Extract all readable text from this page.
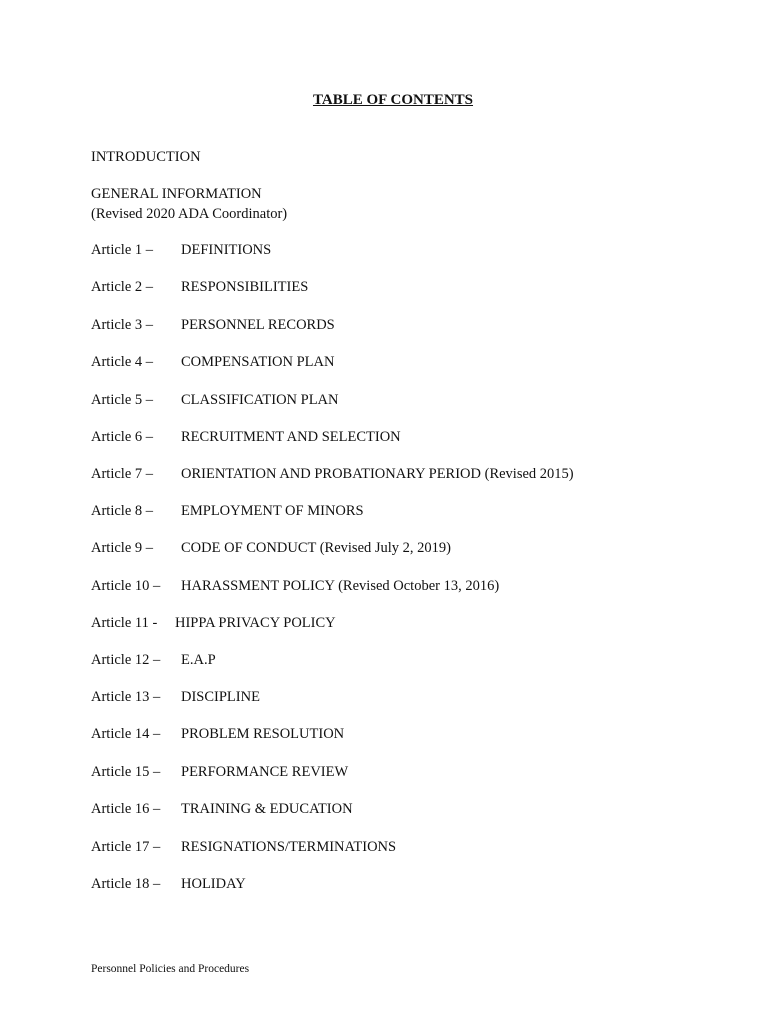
TABLE OF CONTENTS
INTRODUCTION
GENERAL INFORMATION
(Revised 2020 ADA Coordinator)
Article 1 – DEFINITIONS
Article 2 – RESPONSIBILITIES
Article 3 – PERSONNEL RECORDS
Article 4 – COMPENSATION PLAN
Article 5 – CLASSIFICATION PLAN
Article 6 – RECRUITMENT AND SELECTION
Article 7 – ORIENTATION AND PROBATIONARY PERIOD (Revised 2015)
Article 8 – EMPLOYMENT OF MINORS
Article 9 – CODE OF CONDUCT (Revised July 2, 2019)
Article 10 – HARASSMENT POLICY (Revised October 13, 2016)
Article 11 - HIPPA PRIVACY POLICY
Article 12 – E.A.P
Article 13 – DISCIPLINE
Article 14 – PROBLEM RESOLUTION
Article 15 – PERFORMANCE REVIEW
Article 16 – TRAINING & EDUCATION
Article 17 – RESIGNATIONS/TERMINATIONS
Article 18 – HOLIDAY
Personnel Policies and Procedures
